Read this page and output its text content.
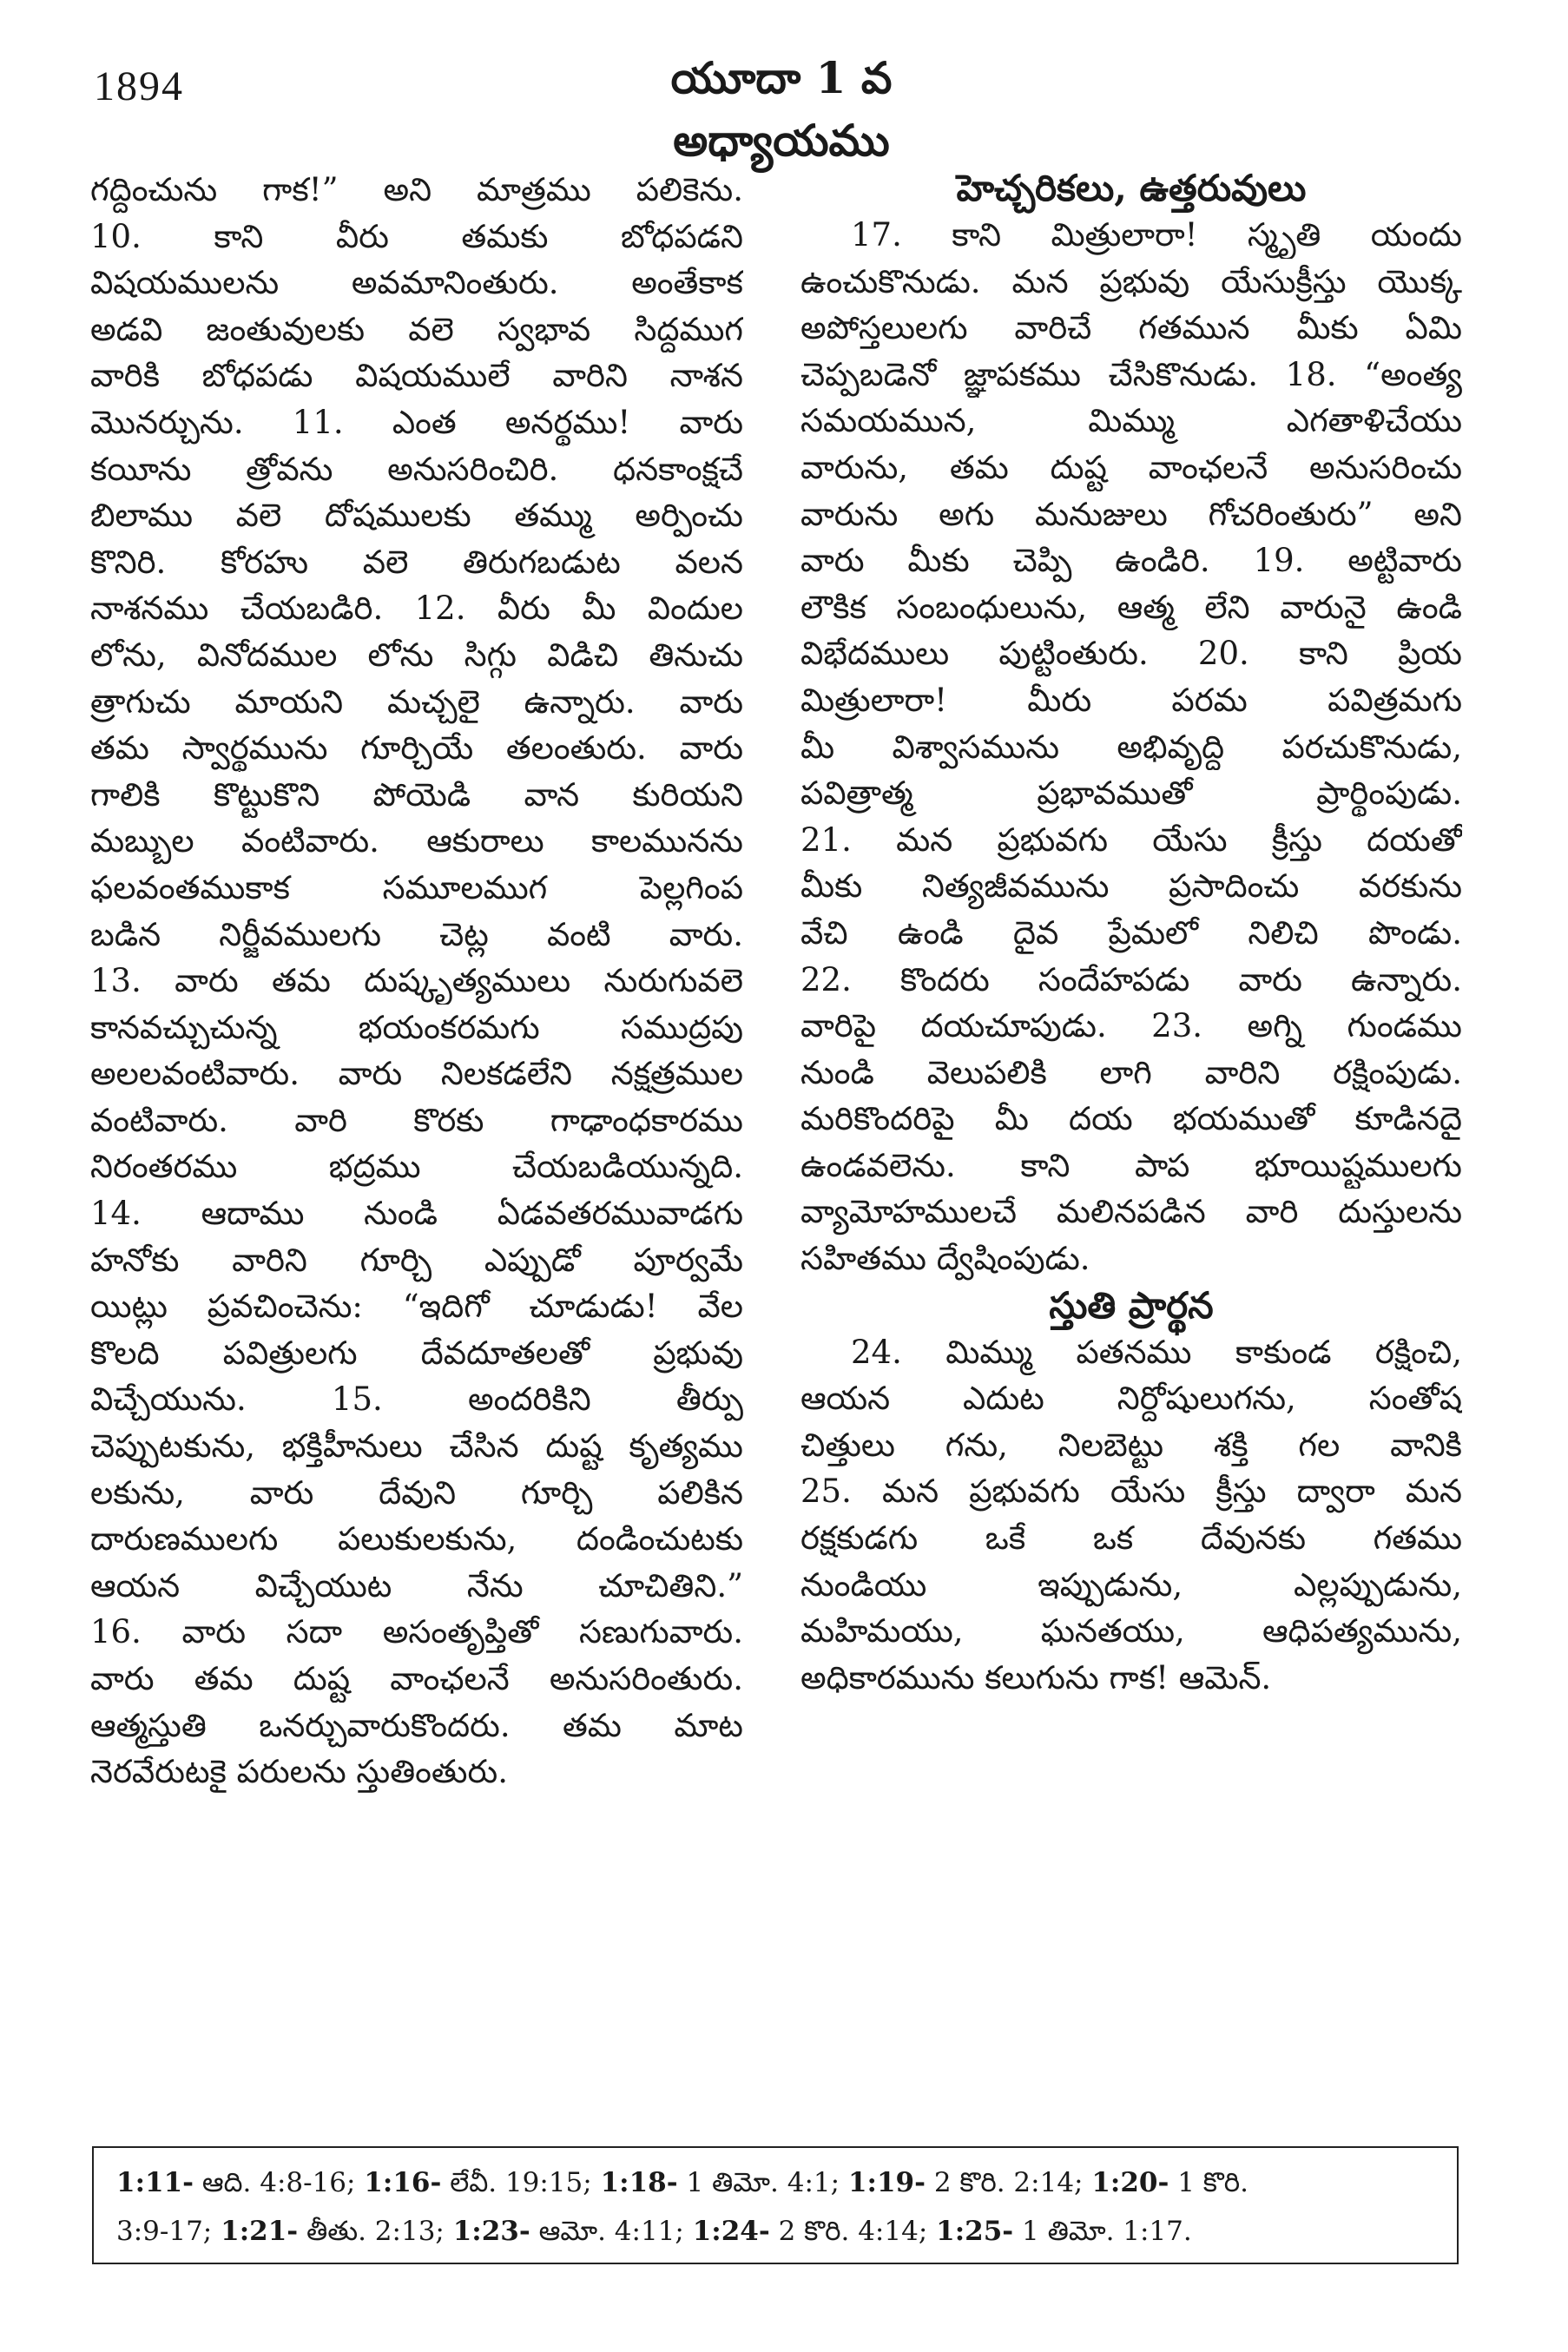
1894	యూదా 1 వ అధ్యాయము
గద్దించును గాక!” అని మాత్రము పలికెను.
10. కాని వీరు తమకు బోధపడని
విషయములను అవమానింతురు. అంతేకాక
అడవి జంతువులకు వలె స్వభావ సిద్ధముగ
వారికి బోధపడు విషయములే వారిని నాశన
మొనర్చును. 11. ఎంత అనర్థము! వారు
కయీను త్రోవను అనుసరించిరి. ధనకాంక్షచే
బిలాము వలె దోషములకు తమ్ము అర్పించు
కొనిరి. కోరహు వలె తిరుగబడుట వలన
నాశనము చేయబడిరి. 12. వీరు మీ విందుల
లోను, వినోదముల లోను సిగ్గు విడిచి తినుచు
త్రాగుచు మాయని మచ్చలై ఉన్నారు. వారు
తమ స్వార్థమును గూర్చియే తలంతురు. వారు
గాలికి కొట్టుకొని పోయెడి వాన కురియని
మబ్బుల వంటివారు. ఆకురాలు కాలమునను
ఫలవంతముకాక సమూలముగ పెల్లగింప
బడిన నిర్జీవములగు చెట్ల వంటి వారు.
13. వారు తమ దుష్కృత్యములు నురుగువలె
కానవచ్చుచున్న భయంకరమగు సముద్రపు
అలలవంటివారు. వారు నిలకడలేని నక్షత్రముల
వంటివారు. వారి కొరకు గాఢాంధకారము
నిరంతరము భద్రము చేయబడియున్నది.
14. ఆదాము నుండి ఏడవతరమువాడగు
హనోకు వారిని గూర్చి ఎప్పుడో పూర్వమే
యిట్లు ప్రవచించెను: “ఇదిగో చూడుడు! వేల
కొలది పవిత్రులగు దేవదూతలతో ప్రభువు
విచ్చేయును. 15. అందరికిని తీర్పు
చెప్పుటకును, భక్తిహీనులు చేసిన దుష్ట కృత్యము
లకును, వారు దేవుని గూర్చి పలికిన
దారుణములగు పలుకులకును, దండించుటకు
ఆయన విచ్చేయుట నేను చూచితిని.”
16. వారు సదా అసంతృప్తితో సణుగువారు.
వారు తమ దుష్ట వాంఛలనే అనుసరింతురు.
ఆత్మస్తుతి ఒనర్చువారుకొందరు. తమ మాట
నెరవేరుటకై పరులను స్తుతింతురు.
హెచ్చరికలు, ఉత్తరువులు
17. కాని మిత్రులారా! స్మృతి యందు
ఉంచుకొనుడు. మన ప్రభువు యేసుక్రీస్తు యొక్క
అపోస్తలులగు వారిచే గతమున మీకు ఏమి
చెప్పబడెనో జ్ఞాపకము చేసికొనుడు. 18. “అంత్య
సమయమున, మిమ్ము ఎగతాళిచేయు
వారును, తమ దుష్ట వాంఛలనే అనుసరించు
వారును అగు మనుజులు గోచరింతురు” అని
వారు మీకు చెప్పి ఉండిరి. 19. అట్టివారు
లౌకిక సంబంధులును, ఆత్మ లేని వారునై ఉండి
విభేదములు పుట్టింతురు. 20. కాని ప్రియ
మిత్రులారా! మీరు పరమ పవిత్రమగు
మీ విశ్వాసమును అభివృద్ధి పరచుకొనుడు,
పవిత్రాత్మ ప్రభావముతో ప్రార్థింపుడు.
21. మన ప్రభువగు యేసు క్రీస్తు దయతో
మీకు నిత్యజీవమును ప్రసాదించు వరకును
వేచి ఉండి దైవ ప్రేమలో నిలిచి పొండు.
22. కొందరు సందేహపడు వారు ఉన్నారు.
వారిపై దయచూపుడు. 23. అగ్ని గుండము
నుండి వెలుపలికి లాగి వారిని రక్షింపుడు.
మరికొందరిపై మీ దయ భయముతో కూడినదై
ఉండవలెను. కాని పాప భూయిష్టములగు
వ్యామోహములచే మలినపడిన వారి దుస్తులను
సహితము ద్వేషింపుడు.
స్తుతి ప్రార్థన
24. మిమ్ము పతనము కాకుండ రక్షించి,
ఆయన ఎదుట నిర్దోషులుగను, సంతోష
చిత్తులు గను, నిలబెట్టు శక్తి గల వానికి
25. మన ప్రభువగు యేసు క్రీస్తు ద్వారా మన
రక్షకుడగు ఒకే ఒక దేవునకు గతము
నుండియు ఇప్పుడును, ఎల్లప్పుడును,
మహిమయు, ఘనతయు, ఆధిపత్యమును,
అధికారమును కలుగును గాక! ఆమెన్.
1:11- ఆది. 4:8-16; 1:16- లేవీ. 19:15; 1:18- 1 తిమో. 4:1; 1:19- 2 కొరి. 2:14; 1:20- 1 కొరి.
3:9-17; 1:21- తీతు. 2:13; 1:23- ఆమో. 4:11; 1:24- 2 కొరి. 4:14; 1:25- 1 తిమో. 1:17.
